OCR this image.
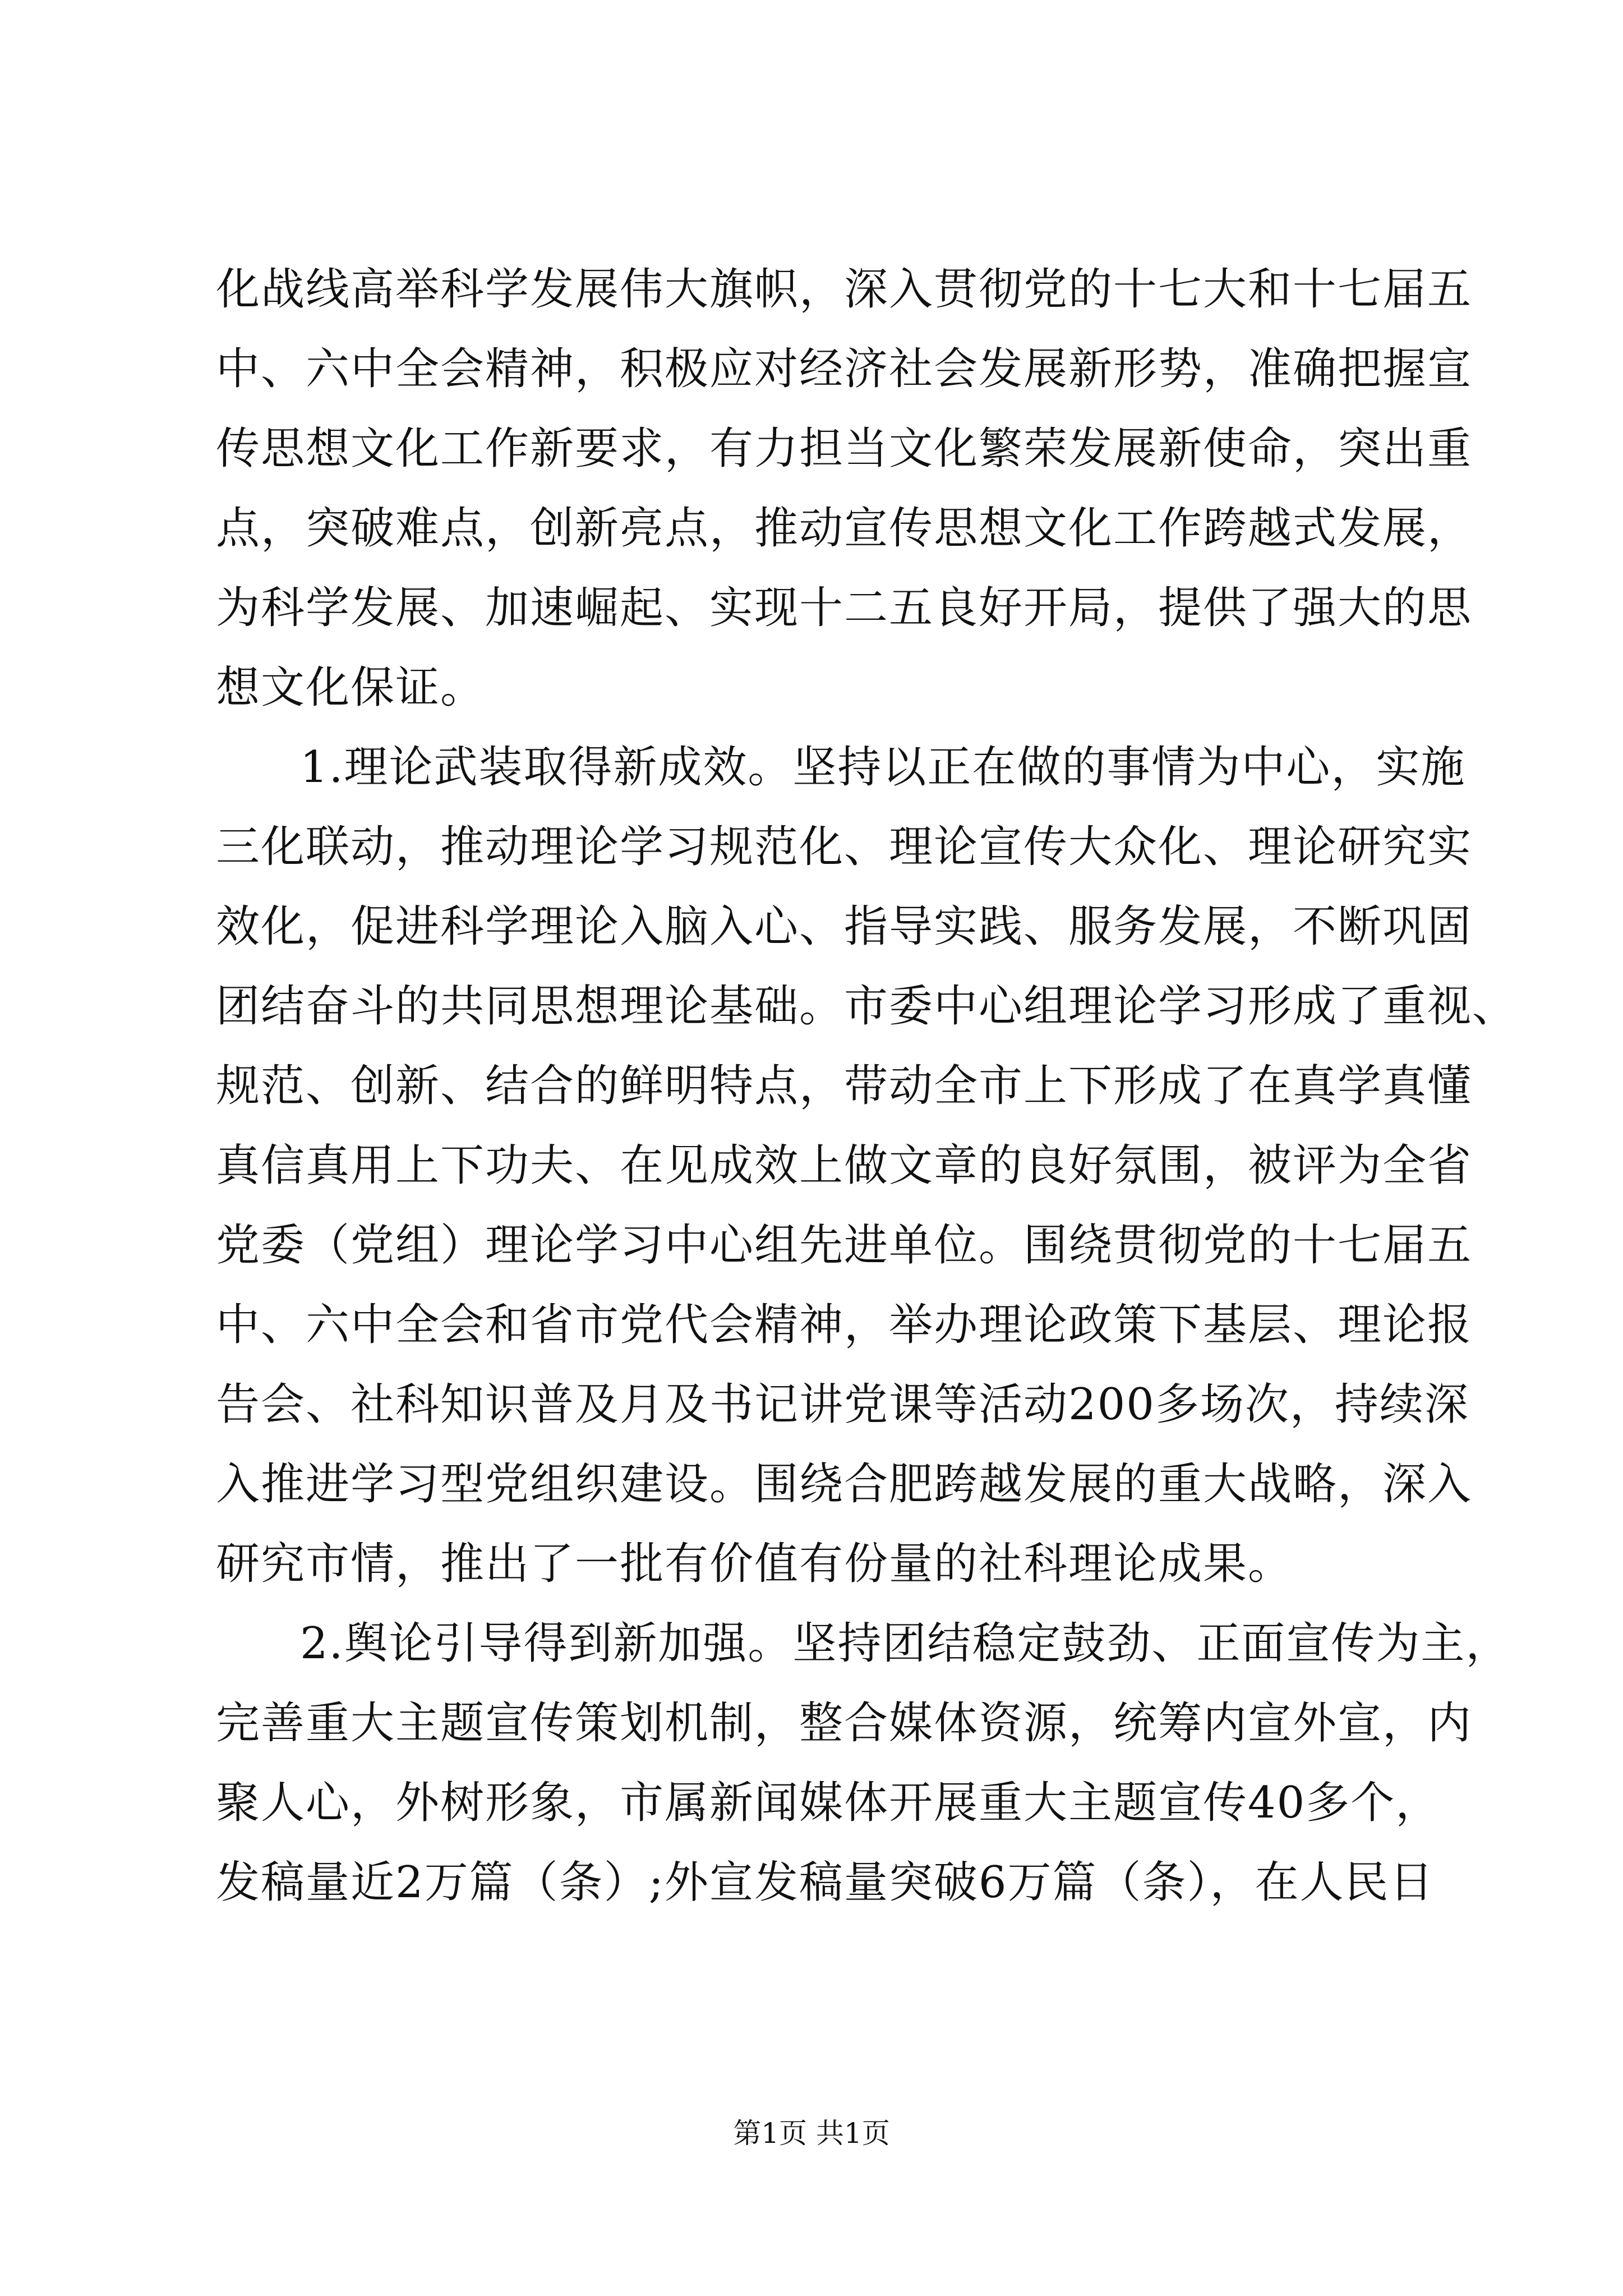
化战线高举科学发展伟大旗帜，深入贯彻党的十七大和十七届五
中、六中全会精神，积极应对经济社会发展新形势，准确把握宣
传思想文化工作新要求，有力担当文化繁荣发展新使命，突出重
点，突破难点，创新亮点，推动宣传思想文化工作跨越式发展，
为科学发展、加速崛起、实现十二五良好开局，提供了强大的思
想文化保证。
1.理论武装取得新成效。坚持以正在做的事情为中心，实施
三化联动，推动理论学习规范化、理论宣传大众化、理论研究实
效化，促进科学理论入脑入心、指导实践、服务发展，不断巩固
团结奋斗的共同思想理论基础。市委中心组理论学习形成了重视、
规范、创新、结合的鲜明特点，带动全市上下形成了在真学真懂
真信真用上下功夫、在见成效上做文章的良好氛围，被评为全省
党委（党组）理论学习中心组先进单位。围绕贯彻党的十七届五
中、六中全会和省市党代会精神，举办理论政策下基层、理论报
告会、社科知识普及月及书记讲党课等活动200多场次，持续深
入推进学习型党组织建设。围绕合肥跨越发展的重大战略，深入
研究市情，推出了一批有价值有份量的社科理论成果。
2.舆论引导得到新加强。坚持团结稳定鼓劲、正面宣传为主，
完善重大主题宣传策划机制，整合媒体资源，统筹内宣外宣，内
聚人心，外树形象，市属新闻媒体开展重大主题宣传40多个，
发稿量近2万篇（条）;外宣发稿量突破6万篇（条），在人民日
第1页 共1页
